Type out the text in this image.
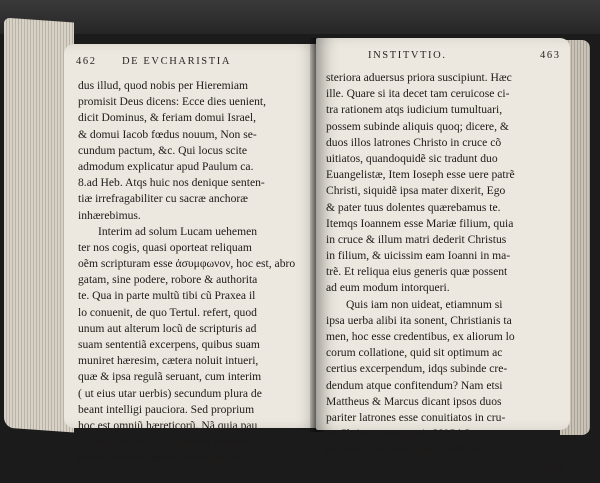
462 DE EVCHARISTIA
dus illud, quod nobis per Hieremiam
promisit Deus dicens: Ecce dies uenient,
dicit Dominus, & feriam domui Israel,
& domui Iacob fœdus nouum, Non se-
cundum pactum, &c. Qui locus scite
admodum explicatur apud Paulum ca.
8.ad Heb. Atqs huic nos denique senten-
tiæ irrefragabiliter cu sacræ anchoræ
inhærebimus.
Interim ad solum Lucam uehemen
ter nos cogis, quasi oporteat reliquam
oẽm scripturam esse ἀσυμφωνον, hoc est, abro
gatam, sine podere, robore & authorita
te. Qua in parte multũ tibi cũ Praxea il
lo conuenit, de quo Tertul. refert, quod
unum aut alterum locũ de scripturis ad
suam sententiã excerpens, quibus suam
muniret hæresim, cætera noluit intueri,
quæ & ipsa regulã seruant, cum interim
( ut eius utar uerbis) secundum plura de
beant intelligi pauciora. Sed proprium
hoc est omniũ hæreticorũ. Nã quia pau
ca sunt quæ in sylua inueniri possunt,
pauca aduersus plura defendunt, & po
steriora
INSTITVTIO.	463
steriora aduersus priora suscipiunt. Hæc
ille. Quare si ita decet tam ceruicose ci-
tra rationem atqs iudicium tumultuari,
possem subinde aliquis quoq; dicere, &
duos illos latrones Christo in cruce cõ
uitiatos, quandoquidẽ sic tradunt duo
Euangelistæ, Item Ioseph esse uere patrẽ
Christi, siquidẽ ipsa mater dixerit, Ego
& pater tuus dolentes quærebamus te.
Itemqs Ioannem esse Mariæ filium, quia
in cruce & illum matri dederit Christus
in filium, & uicissim eam Ioanni in ma-
trẽ. Et reliqua eius generis quæ possent
ad eum modum intorqueri.
Quis iam non uideat, etiamnum si
ipsa uerba alibi ita sonent, Christianis ta
men, hoc esse credentibus, ex aliorum lo
corum collatione, quid sit optimum ac
certius excerpendum, idqs subinde cre-
dendum atque confitendum? Nam etsi
Mattheus & Marcus dicant ipsos duos
pariter latrones esse conuitiatos in cru-
ce Christo, tamen quia LVCAS
plenius explicat rei gestæ ordinem,
Ecclesia
